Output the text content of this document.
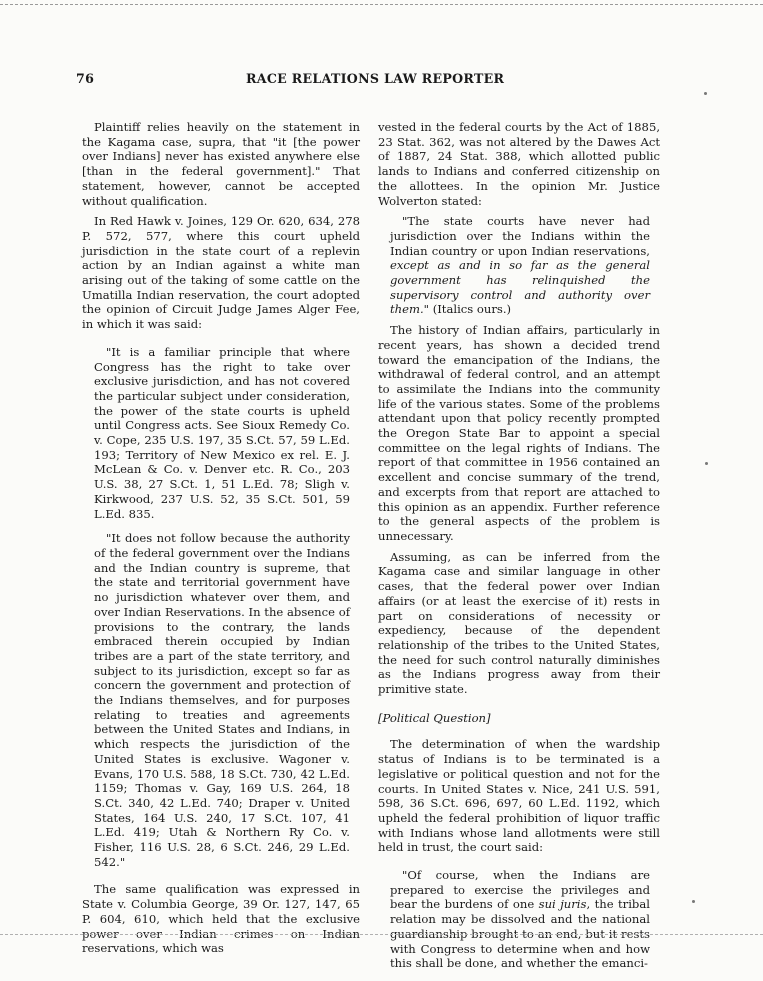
76	RACE RELATIONS LAW REPORTER

Plaintiff relies heavily on the statement in the Kagama case, supra, that "it [the power over Indians] never has existed anywhere else [than in the federal government]." That statement, however, cannot be accepted without qualification.

In Red Hawk v. Joines, 129 Or. 620, 634, 278 P. 572, 577, where this court upheld jurisdiction in the state court of a replevin action by an Indian against a white man arising out of the taking of some cattle on the Umatilla Indian reservation, the court adopted the opinion of Circuit Judge James Alger Fee, in which it was said:

"It is a familiar principle that where Congress has the right to take over exclusive jurisdiction, and has not covered the particular subject under consideration, the power of the state courts is upheld until Congress acts. See Sioux Remedy Co. v. Cope, 235 U.S. 197, 35 S.Ct. 57, 59 L.Ed. 193; Territory of New Mexico ex rel. E. J. McLean & Co. v. Denver etc. R. Co., 203 U.S. 38, 27 S.Ct. 1, 51 L.Ed. 78; Sligh v. Kirkwood, 237 U.S. 52, 35 S.Ct. 501, 59 L.Ed. 835.

"It does not follow because the authority of the federal government over the Indians and the Indian country is supreme, that the state and territorial government have no jurisdiction whatever over them, and over Indian Reservations. In the absence of provisions to the contrary, the lands embraced therein occupied by Indian tribes are a part of the state territory, and subject to its jurisdiction, except so far as concern the government and protection of the Indians themselves, and for purposes relating to treaties and agreements between the United States and Indians, in which respects the jurisdiction of the United States is exclusive. Wagoner v. Evans, 170 U.S. 588, 18 S.Ct. 730, 42 L.Ed. 1159; Thomas v. Gay, 169 U.S. 264, 18 S.Ct. 340, 42 L.Ed. 740; Draper v. United States, 164 U.S. 240, 17 S.Ct. 107, 41 L.Ed. 419; Utah & Northern Ry Co. v. Fisher, 116 U.S. 28, 6 S.Ct. 246, 29 L.Ed. 542."

The same qualification was expressed in State v. Columbia George, 39 Or. 127, 147, 65 P. 604, 610, which held that the exclusive power over Indian crimes on Indian reservations, which was

vested in the federal courts by the Act of 1885, 23 Stat. 362, was not altered by the Dawes Act of 1887, 24 Stat. 388, which allotted public lands to Indians and conferred citizenship on the allottees. In the opinion Mr. Justice Wolverton stated:

"The state courts have never had jurisdiction over the Indians within the Indian country or upon Indian reservations, except as and in so far as the general government has relinquished the supervisory control and authority over them." (Italics ours.)

The history of Indian affairs, particularly in recent years, has shown a decided trend toward the emancipation of the Indians, the withdrawal of federal control, and an attempt to assimilate the Indians into the community life of the various states. Some of the problems attendant upon that policy recently prompted the Oregon State Bar to appoint a special committee on the legal rights of Indians. The report of that committee in 1956 contained an excellent and concise summary of the trend, and excerpts from that report are attached to this opinion as an appendix. Further reference to the general aspects of the problem is unnecessary.

Assuming, as can be inferred from the Kagama case and similar language in other cases, that the federal power over Indian affairs (or at least the exercise of it) rests in part on considerations of necessity or expediency, because of the dependent relationship of the tribes to the United States, the need for such control naturally diminishes as the Indians progress away from their primitive state.

[Political Question]

The determination of when the wardship status of Indians is to be terminated is a legislative or political question and not for the courts. In United States v. Nice, 241 U.S. 591, 598, 36 S.Ct. 696, 697, 60 L.Ed. 1192, which upheld the federal prohibition of liquor traffic with Indians whose land allotments were still held in trust, the court said:

"Of course, when the Indians are prepared to exercise the privileges and bear the burdens of one sui juris, the tribal relation may be dissolved and the national guardianship brought to an end, but it rests with Congress to determine when and how this shall be done, and whether the emanci-
